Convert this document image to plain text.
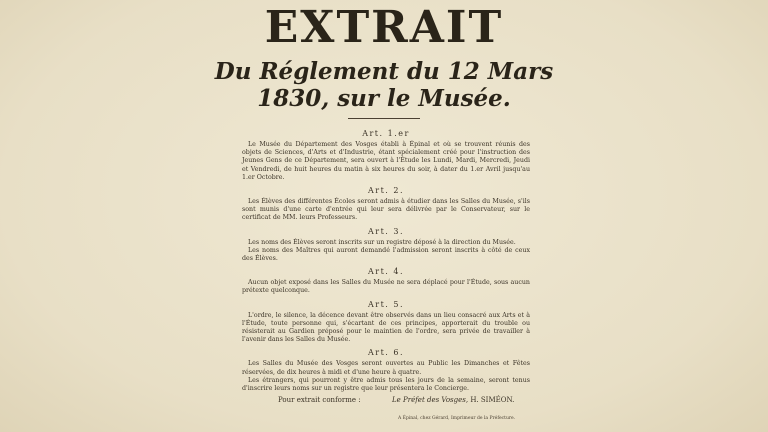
EXTRAIT
Du Réglement du 12 Mars
1830, sur le Musée.
Art. 1.er

Le Musée du Département des Vosges établi à Épinal et où se trouvent réunis des objets de Sciences, d'Arts et d'Industrie, étant spécialement créé pour l'instruction des Jeunes Gens de ce Département, sera ouvert à l'Étude les Lundi, Mardi, Mercredi, Jeudi et Vendredi, de huit heures du matin à six heures du soir, à dater du 1.er Avril jusqu'au 1.er Octobre.

Art. 2.

Les Élèves des différentes Écoles seront admis à étudier dans les Salles du Musée, s'ils sont munis d'une carte d'entrée qui leur sera délivrée par le Conservateur, sur le certificat de MM. leurs Professeurs.

Art. 3.

Les noms des Élèves seront inscrits sur un registre déposé à la direction du Musée.

Les noms des Maîtres qui auront demandé l'admission seront inscrits à côté de ceux des Élèves.

Art. 4.

Aucun objet exposé dans les Salles du Musée ne sera déplacé pour l'Étude, sous aucun prétexte quelconque.

Art. 5.

L'ordre, le silence, la décence devant être observés dans un lieu consacré aux Arts et à l'Étude, toute personne qui, s'écartant de ces principes, apporterait du trouble ou résisterait au Gardien préposé pour le maintien de l'ordre, sera privée de travailler à l'avenir dans les Salles du Musée.

Art. 6.

Les Salles du Musée des Vosges seront ouvertes au Public les Dimanches et Fêtes réservées, de dix heures à midi et d'une heure à quatre.

Les étrangers, qui pourront y être admis tous les jours de la semaine, seront tenus d'inscrire leurs noms sur un registre que leur présentera le Concierge.

Pour extrait conforme :	Le Préfet des Vosges, H. SIMÉON.
A Épinal, chez Gérard, Imprimeur de la Préfecture.
